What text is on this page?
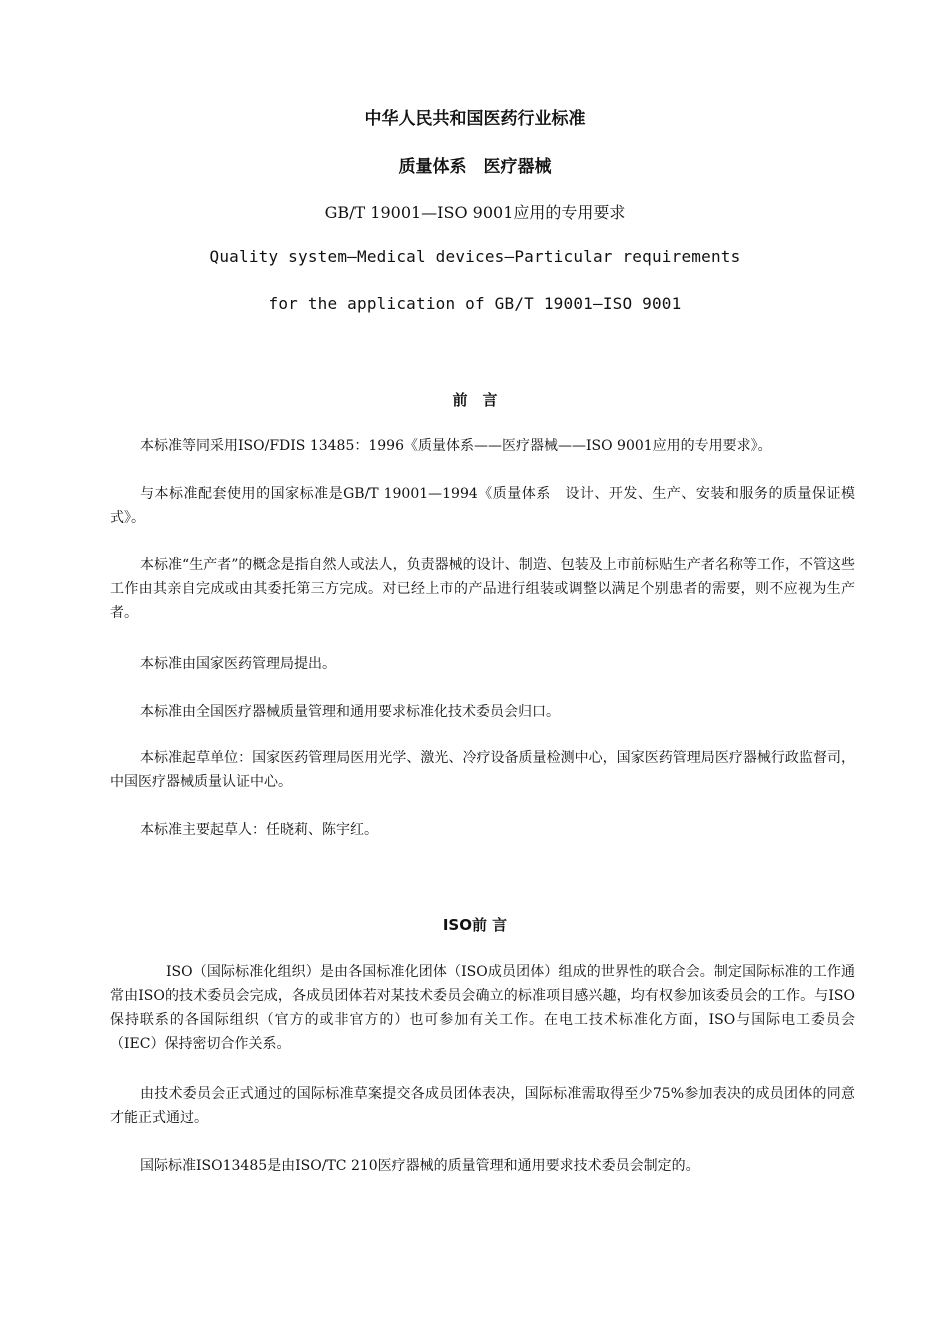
中华人民共和国医药行业标准
质量体系　医疗器械
GB/T 19001—ISO 9001应用的专用要求
Quality system—Medical devices—Particular requirements
for the application of GB/T 19001—ISO 9001
前　言
本标准等同采用ISO/FDIS 13485：1996《质量体系——医疗器械——ISO 9001应用的专用要求》。
与本标准配套使用的国家标准是GB/T 19001—1994《质量体系　设计、开发、生产、安装和服务的质量保证模式》。
本标准“生产者”的概念是指自然人或法人，负责器械的设计、制造、包装及上市前标贴生产者名称等工作，不管这些工作由其亲自完成或由其委托第三方完成。对已经上市的产品进行组装或调整以满足个别患者的需要，则不应视为生产者。
本标准由国家医药管理局提出。
本标准由全国医疗器械质量管理和通用要求标准化技术委员会归口。
本标准起草单位：国家医药管理局医用光学、激光、冷疗设备质量检测中心，国家医药管理局医疗器械行政监督司，中国医疗器械质量认证中心。
本标准主要起草人：任晓莉、陈宇红。
ISO前 言
ISO（国际标准化组织）是由各国标准化团体（ISO成员团体）组成的世界性的联合会。制定国际标准的工作通常由ISO的技术委员会完成，各成员团体若对某技术委员会确立的标准项目感兴趣，均有权参加该委员会的工作。与ISO保持联系的各国际组织（官方的或非官方的）也可参加有关工作。在电工技术标准化方面，ISO与国际电工委员会（IEC）保持密切合作关系。
由技术委员会正式通过的国际标准草案提交各成员团体表决，国际标准需取得至少75%参加表决的成员团体的同意才能正式通过。
国际标准ISO13485是由ISO/TC 210医疗器械的质量管理和通用要求技术委员会制定的。
